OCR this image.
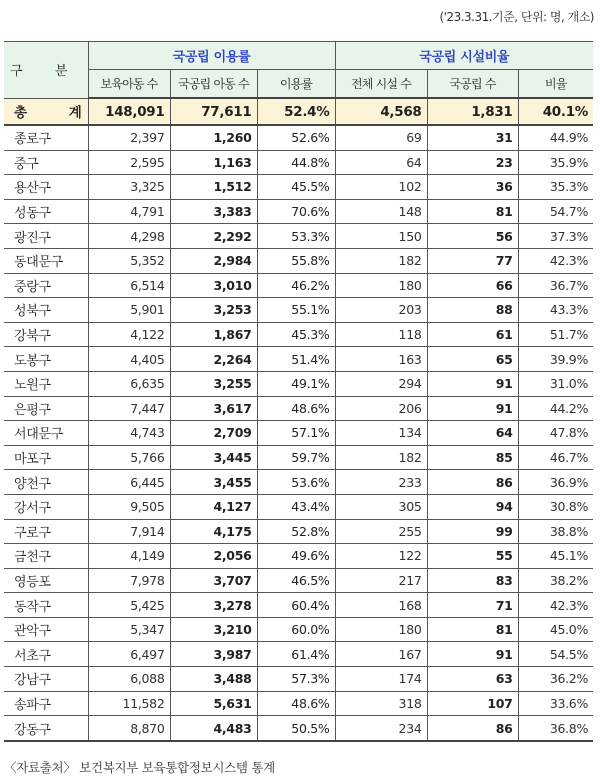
('23.3.31.기준, 단위: 명, 개소)
구 분	국공립 이용률			국공립 시설비율		
	보육아동 수	국공립 아동 수	이용률	전체 시설 수	국공립 수	비율
총 계	148,091	77,611	52.4%	4,568	1,831	40.1%
종로구	2,397	1,260	52.6%	69	31	44.9%
중구	2,595	1,163	44.8%	64	23	35.9%
용산구	3,325	1,512	45.5%	102	36	35.3%
성동구	4,791	3,383	70.6%	148	81	54.7%
광진구	4,298	2,292	53.3%	150	56	37.3%
동대문구	5,352	2,984	55.8%	182	77	42.3%
중랑구	6,514	3,010	46.2%	180	66	36.7%
성북구	5,901	3,253	55.1%	203	88	43.3%
강북구	4,122	1,867	45.3%	118	61	51.7%
도봉구	4,405	2,264	51.4%	163	65	39.9%
노원구	6,635	3,255	49.1%	294	91	31.0%
은평구	7,447	3,617	48.6%	206	91	44.2%
서대문구	4,743	2,709	57.1%	134	64	47.8%
마포구	5,766	3,445	59.7%	182	85	46.7%
양천구	6,445	3,455	53.6%	233	86	36.9%
강서구	9,505	4,127	43.4%	305	94	30.8%
구로구	7,914	4,175	52.8%	255	99	38.8%
금천구	4,149	2,056	49.6%	122	55	45.1%
영등포	7,978	3,707	46.5%	217	83	38.2%
동작구	5,425	3,278	60.4%	168	71	42.3%
관악구	5,347	3,210	60.0%	180	81	45.0%
서초구	6,497	3,987	61.4%	167	91	54.5%
강남구	6,088	3,488	57.3%	174	63	36.2%
송파구	11,582	5,631	48.6%	318	107	33.6%
강동구	8,870	4,483	50.5%	234	86	36.8%
〈자료출처〉 보건복지부 보육통합정보시스템 통계
